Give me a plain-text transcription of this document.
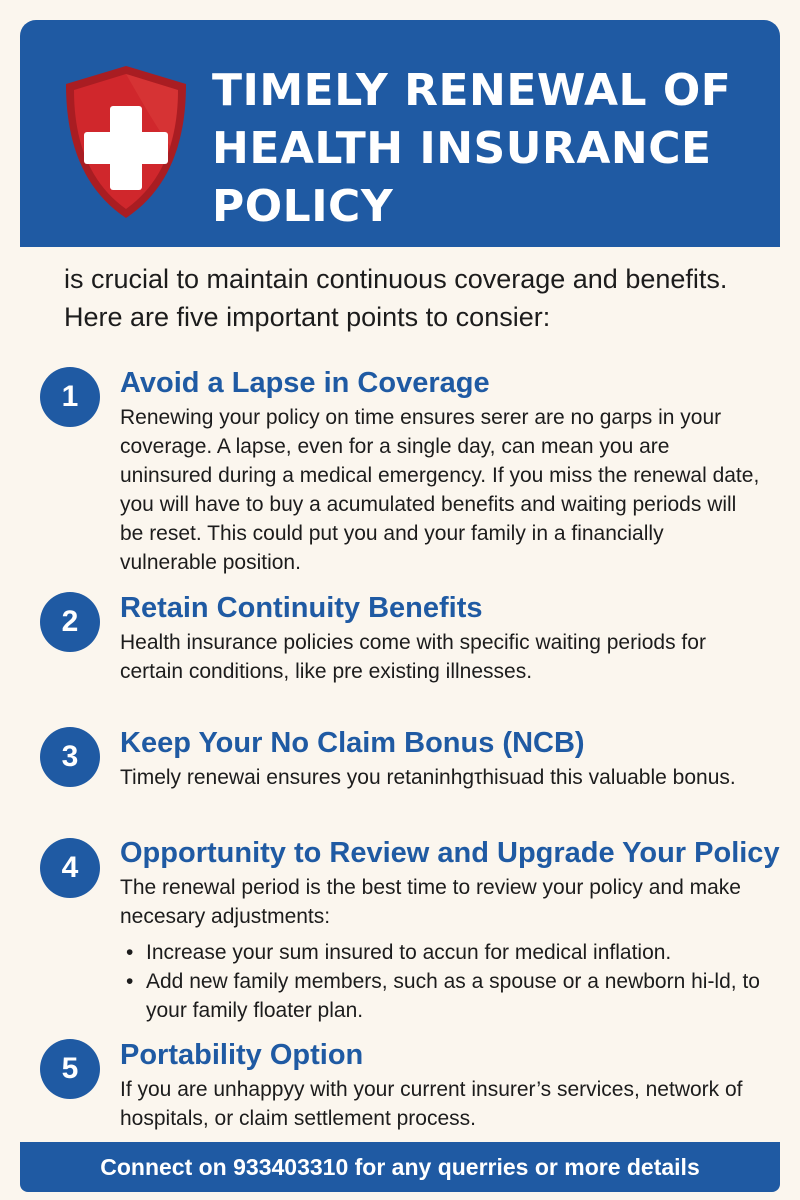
TIMELY RENEWAL OF HEALTH INSURANCE POLICY

is crucial to maintain continuous coverage and benefits. Here are five important points to consier:

1	Avoid a Lapse in Coverage

Renewing your policy on time ensures serer are no garps in your coverage. A lapse, even for a single day, can mean you are uninsured during a medical emergency. If you miss the renewal date, you will have to buy a acumulated benefits and waiting periods will be reset. This could put you and your family in a financially vulnerable position.

2	Retain Continuity Benefits

Health insurance policies come with specific waiting periods for certain conditions, like pre existing illnesses.

3	Keep Your No Claim Bonus (NCB)

Timely renewai ensures you retaninhgτhisuad this valuable bonus.

4	Opportunity to Review and Upgrade Your Policy

The renewal period is the best time to review your policy and make necesary adjustments:

• Increase your sum insured to accun for medical inflation.
• Add new family members, such as a spouse or a newborn hi-ld, to your family floater plan.
5	Portability Option

If you are unhappyy with your current insurer’s services, network of hospitals, or claim settlement process.

Connect on 933403310 for any querries or more details
